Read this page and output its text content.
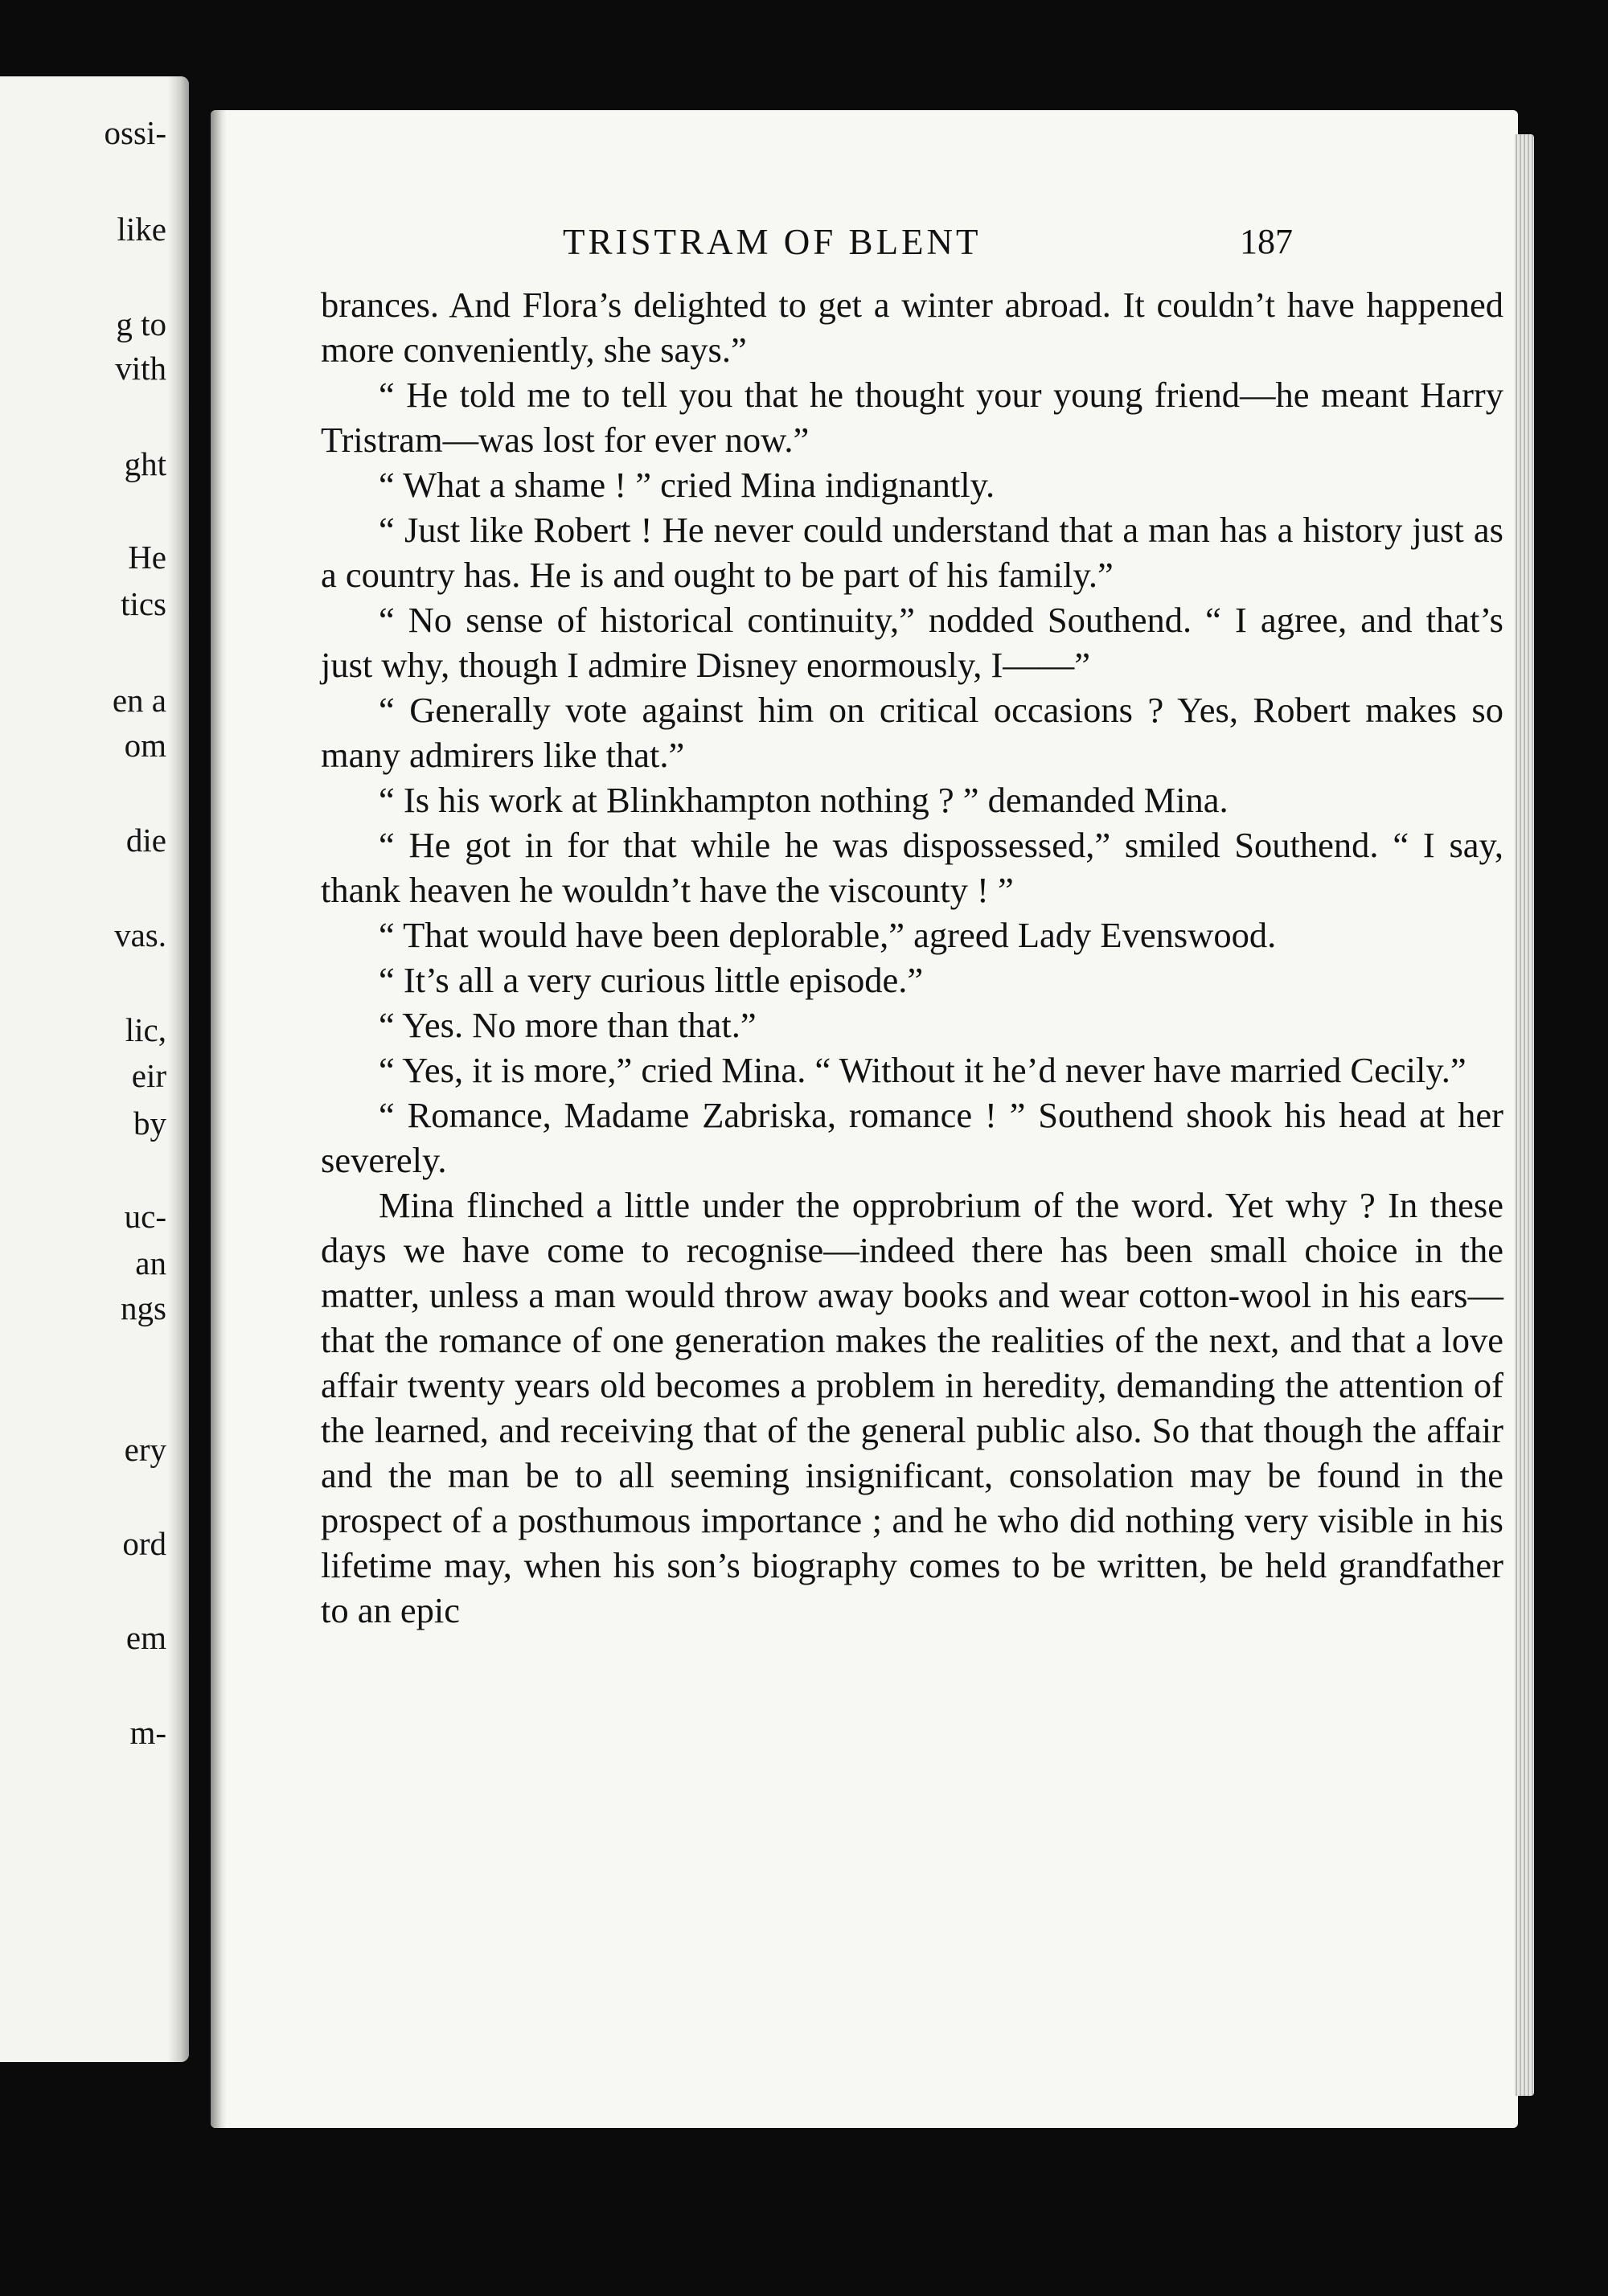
ossi-
like
g to
vith
ght
He
tics
en a
om
die
vas.
lic,
eir
by
uc-
an
ngs
ery
ord
em
m-
TRISTRAM OF BLENT	187

brances. And Flora’s delighted to get a winter abroad. It couldn’t have happened more conveniently, she says.”

“ He told me to tell you that he thought your young friend—he meant Harry Tristram—was lost for ever now.”

“ What a shame ! ” cried Mina indignantly.

“ Just like Robert ! He never could understand that a man has a history just as a country has. He is and ought to be part of his family.”

“ No sense of historical continuity,” nodded Southend. “ I agree, and that’s just why, though I admire Disney enormously, I——”

“ Generally vote against him on critical occasions ? Yes, Robert makes so many admirers like that.”

“ Is his work at Blinkhampton nothing ? ” demanded Mina.

“ He got in for that while he was dispossessed,” smiled Southend. “ I say, thank heaven he wouldn’t have the viscounty ! ”

“ That would have been deplorable,” agreed Lady Evenswood.

“ It’s all a very curious little episode.”

“ Yes. No more than that.”

“ Yes, it is more,” cried Mina. “ Without it he’d never have married Cecily.”

“ Romance, Madame Zabriska, romance ! ” Southend shook his head at her severely.

Mina flinched a little under the opprobrium of the word. Yet why ? In these days we have come to recognise—indeed there has been small choice in the matter, unless a man would throw away books and wear cotton-wool in his ears—that the romance of one generation makes the realities of the next, and that a love affair twenty years old becomes a problem in heredity, demanding the attention of the learned, and receiving that of the general public also. So that though the affair and the man be to all seeming insignificant, consolation may be found in the prospect of a posthumous importance ; and he who did nothing very visible in his lifetime may, when his son’s biography comes to be written, be held grandfather to an epic
